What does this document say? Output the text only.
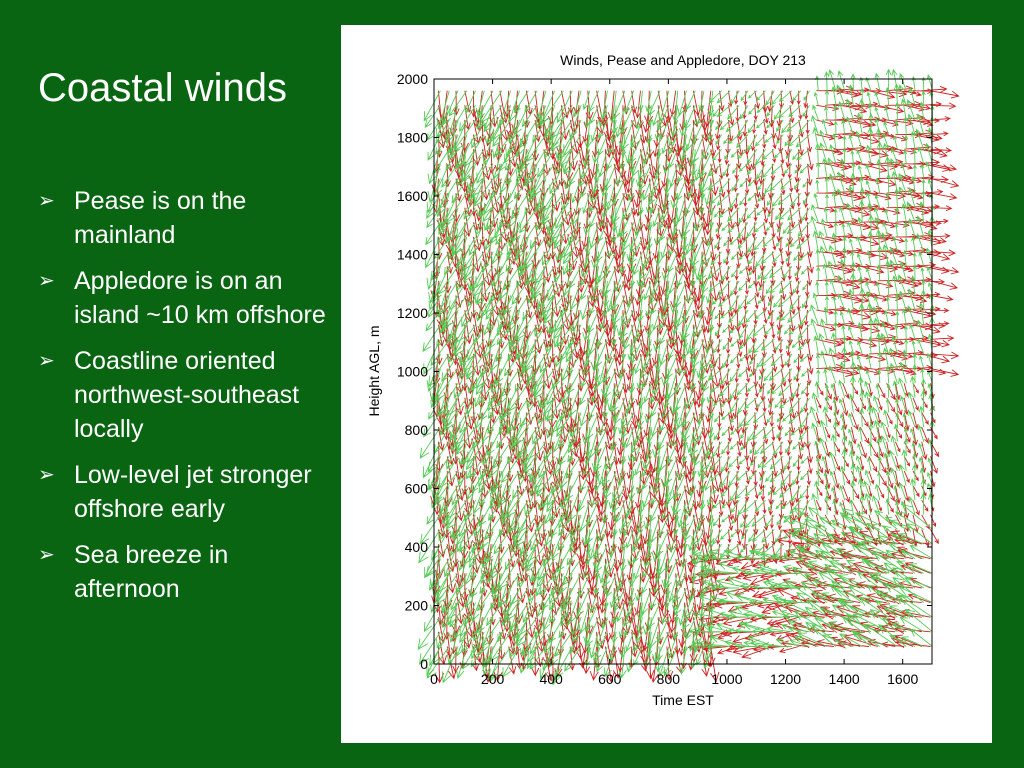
Coastal winds
➢ Pease is on the mainland
➢ Appledore is on an island ~10 km offshore
➢ Coastline oriented northwest-southeast locally
➢ Low-level jet stronger offshore early
➢ Sea breeze in afternoon
Winds, Pease and Appledore, DOY 213
Time EST
Height AGL, m
0	200	400	600	800 1000 1200 1400 1600
0
200
400
600
800
1000
1200
1400
1600
1800
2000
